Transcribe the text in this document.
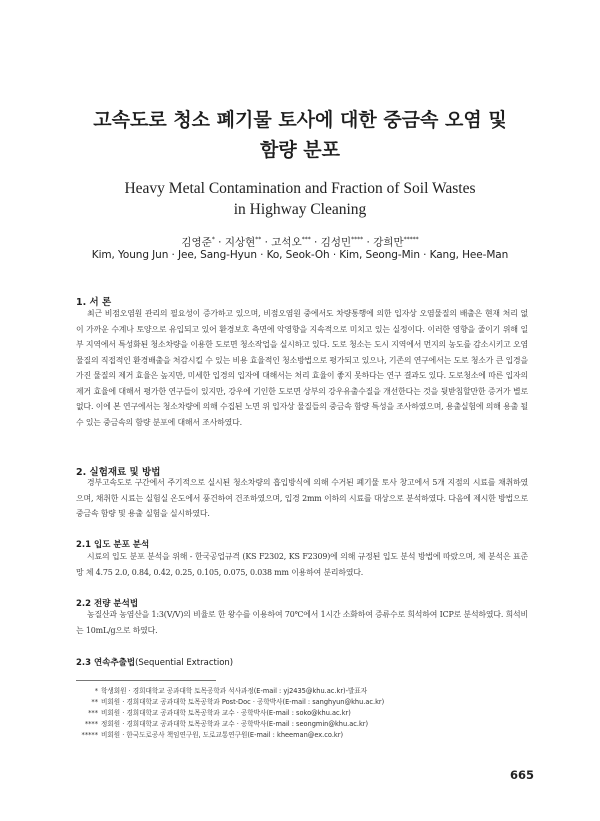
고속도로 청소 폐기물 토사에 대한 중금속 오염 및
함량 분포
Heavy Metal Contamination and Fraction of Soil Wastes
in Highway Cleaning
김영준* · 지상현** · 고석오*** · 김성민**** · 강희만*****
Kim, Young Jun · Jee, Sang-Hyun · Ko, Seok-Oh · Kim, Seong-Min · Kang, Hee-Man
1. 서 론
최근 비점오염원 관리의 필요성이 증가하고 있으며, 비점오염원 중에서도 차량통행에 의한 입자상 오염물질의 배출은 현재 처리 없이 가까운 수계나 토양으로 유입되고 있어 환경보호 측면에 악영향을 지속적으로 미치고 있는 실정이다. 이러한 영향을 줄이기 위해 일부 지역에서 특성화된 청소차량을 이용한 도로면 청소작업을 실시하고 있다. 도로 청소는 도시 지역에서 먼지의 농도를 감소시키고 오염물질의 직접적인 환경배출을 처감시킬 수 있는 비용 효율적인 청소방법으로 평가되고 있으나, 기존의 연구에서는 도로 청소가 큰 입경을 가진 물질의 제거 효율은 높지만, 미세한 입경의 입자에 대해서는 처리 효율이 좋지 못하다는 연구 결과도 있다. 도로청소에 따른 입자의 제거 효율에 대해서 평가한 연구들이 있지만, 강우에 기인한 도로면 상부의 강우유출수질을 개선한다는 것을 뒷받침할만한 증거가 별로 없다. 이에 본 연구에서는 청소차량에 의해 수집된 노면 위 입자상 물질들의 중금속 함량 특성을 조사하였으며, 용출실험에 의해 용출 될 수 있는 중금속의 함량 분포에 대해서 조사하였다.
2. 실험재료 및 방법
경부고속도로 구간에서 주기적으로 실시된 청소차량의 흡입방식에 의해 수거된 폐기물 토사 창고에서 5개 지점의 시료를 채취하였으며, 채취한 시료는 실험실 온도에서 풍건하여 건조하였으며, 입경 2mm 이하의 시료를 대상으로 분석하였다. 다음에 제시한 방법으로 중금속 함량 및 용출 실험을 실시하였다.
2.1 입도 분포 분석
시료의 입도 분포 분석을 위해 - 한국공업규격 (KS F2302, KS F2309)에 의해 규정된 입도 분석 방법에 따랐으며, 체 분석은 표준 망 체 4.75 2.0, 0.84, 0.42, 0.25, 0.105, 0.075, 0.038 mm 이용하여 분리하였다.
2.2 전량 분석법
농질산과 농염산을 1:3(V/V)의 비율로 한 왕수를 이용하여 70℃에서 1시간 소화하여 증류수로 희석하여 ICP로 분석하였다. 희석비는 10mL/g으로 하였다.
2.3 연속추출법(Sequential Extraction)
* 학생회원 · 경희대학교 공과대학 토목공학과 석사과정(E-mail : yj2435@khu.ac.kr)-발표자
** 비회원 · 경희대학교 공과대학 토목공학과 Post-Doc · 공학박사(E-mail : sanghyun@khu.ac.kr)
*** 비회원 · 경희대학교 공과대학 토목공학과 교수 · 공학박사(E-mail : soko@khu.ac.kr)
**** 정회원 · 경희대학교 공과대학 토목공학과 교수 · 공학박사(E-mail : seongmin@khu.ac.kr)
***** 비회원 · 한국도로공사 책임연구원, 도로교통연구원(E-mail : kheeman@ex.co.kr)
665
